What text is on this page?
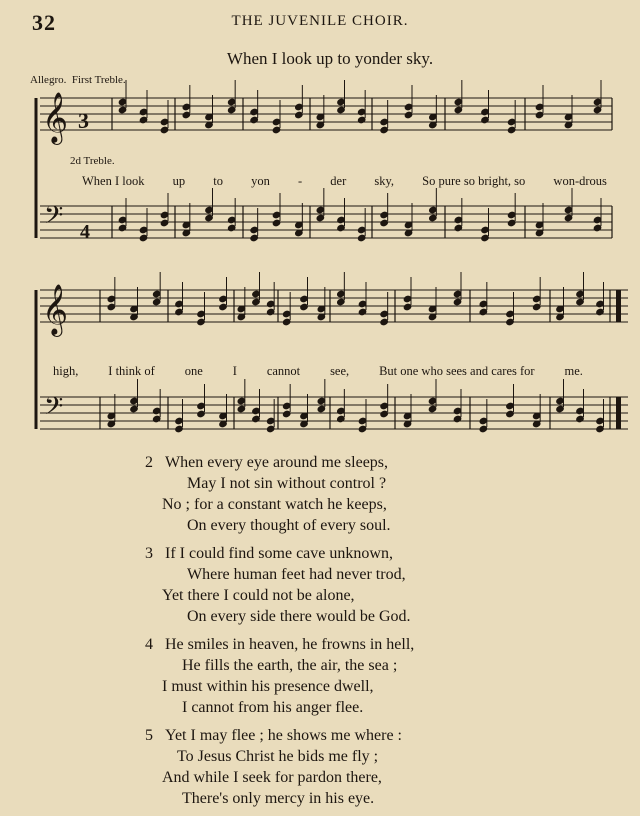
32	THE JUVENILE CHOIR.
When I look up to yonder sky.
Allegro. First Treble.
2d Treble.
𝄞
𝄢
3
4
𝄞
𝄢
When I look up to yon - der sky, So pure so bright, so won-drous
high, I think of one I cannot see, But one who sees and cares for me.
2 When every eye around me sleeps,
May I not sin without control ?
No ; for a constant watch he keeps,
On every thought of every soul.
3 If I could find some cave unknown,
Where human feet had never trod,
Yet there I could not be alone,
On every side there would be God.
4 He smiles in heaven, he frowns in hell,
He fills the earth, the air, the sea ;
I must within his presence dwell,
I cannot from his anger flee.
5 Yet I may flee ; he shows me where :
To Jesus Christ he bids me fly ;
And while I seek for pardon there,
There's only mercy in his eye.
